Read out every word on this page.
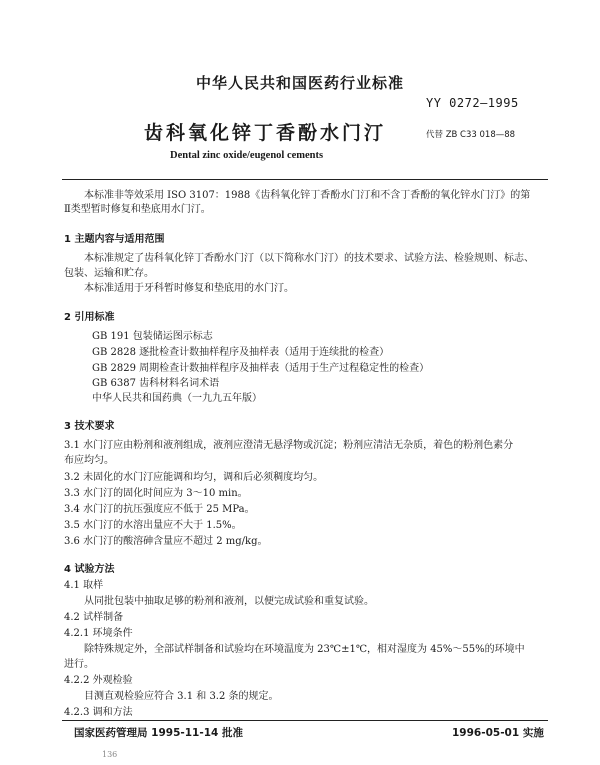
中华人民共和国医药行业标准
YY 0272—1995
齿科氧化锌丁香酚水门汀	代替 ZB C33 018—88
Dental zinc oxide/eugenol cements
本标准非等效采用 ISO 3107：1988《齿科氧化锌丁香酚水门汀和不含丁香酚的氧化锌水门汀》的第
Ⅱ类型暂时修复和垫底用水门汀。
1 主题内容与适用范围
本标准规定了齿科氧化锌丁香酚水门汀（以下简称水门汀）的技术要求、试验方法、检验规则、标志、
包装、运输和贮存。
本标准适用于牙科暂时修复和垫底用的水门汀。
2 引用标准
GB 191 包装储运图示标志
GB 2828 逐批检查计数抽样程序及抽样表（适用于连续批的检查）
GB 2829 周期检查计数抽样程序及抽样表（适用于生产过程稳定性的检查）
GB 6387 齿科材料名词术语
中华人民共和国药典（一九九五年版）
3 技术要求
3.1 水门汀应由粉剂和液剂组成，液剂应澄清无悬浮物或沉淀；粉剂应清洁无杂质，着色的粉剂色素分
布应均匀。
3.2 未固化的水门汀应能调和均匀，调和后必须稠度均匀。
3.3 水门汀的固化时间应为 3～10 min。
3.4 水门汀的抗压强度应不低于 25 MPa。
3.5 水门汀的水溶出量应不大于 1.5%。
3.6 水门汀的酸溶砷含量应不超过 2 mg/kg。
4 试验方法
4.1 取样
从同批包装中抽取足够的粉剂和液剂，以便完成试验和重复试验。
4.2 试样制备
4.2.1 环境条件
除特殊规定外，全部试样制备和试验均在环境温度为 23℃±1℃，相对湿度为 45%～55%的环境中
进行。
4.2.2 外观检验
目测直观检验应符合 3.1 和 3.2 条的规定。
4.2.3 调和方法
国家医药管理局 1995-11-14 批准	1996-05-01 实施
136
